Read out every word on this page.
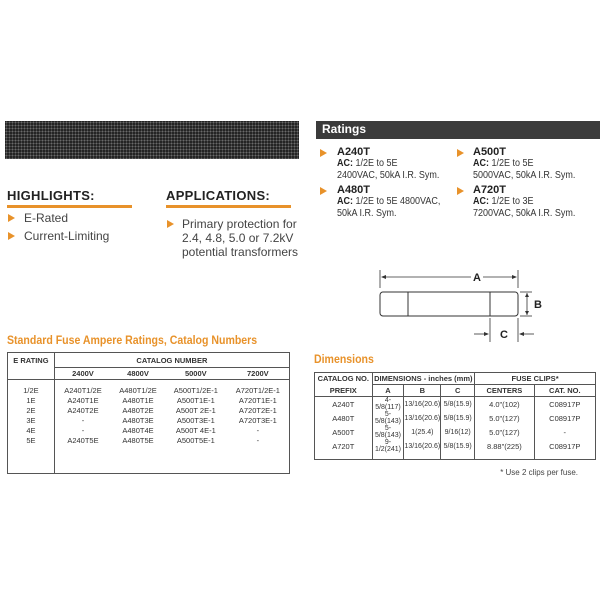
Ratings
A240T
AC: 1/2E to 5E
2400VAC, 50kA I.R. Sym.
A500T
AC: 1/2E to 5E
5000VAC, 50kA I.R. Sym.
A480T
AC: 1/2E to 5E 4800VAC,
50kA I.R. Sym.
A720T
AC: 1/2E to 3E
7200VAC, 50kA I.R. Sym.
HIGHLIGHTS:
E-Rated
Current-Limiting
APPLICATIONS:
Primary protection for
2.4, 4.8, 5.0 or 7.2kV
potential transformers
A
B
C
Standard Fuse Ampere Ratings, Catalog Numbers
E RATING	CATALOG NUMBER			
	2400V	4800V	5000V	7200V

1/2E	A240T1/2E	A480T1/2E	A500T1/2E-1	A720T1/2E-1
1E	A240T1E	A480T1E	A500T1E-1	A720T1E-1
2E	A240T2E	A480T2E	A500T 2E-1	A720T2E-1
3E	-	A480T3E	A500T3E-1	A720T3E-1
4E	-	A480T4E	A500T 4E-1	-
5E	A240T5E	A480T5E	A500T5E-1	-

Dimensions
CATALOG NO.	DIMENSIONS - inches (mm)			FUSE CLIPS*	
PREFIX	A	B	C	CENTERS	CAT. NO.
A240T	4-5/8(117)	13/16(20.6)	5/8(15.9)	4.0"(102)	C08917P
A480T	5-5/8(143)	13/16(20.6)	5/8(15.9)	5.0"(127)	C08917P
A500T	5-5/8(143)	1(25.4)	9/16(12)	5.0"(127)	-
A720T	9-1/2(241)	13/16(20.6)	5/8(15.9)	8.88"(225)	C08917P

* Use 2 clips per fuse.
